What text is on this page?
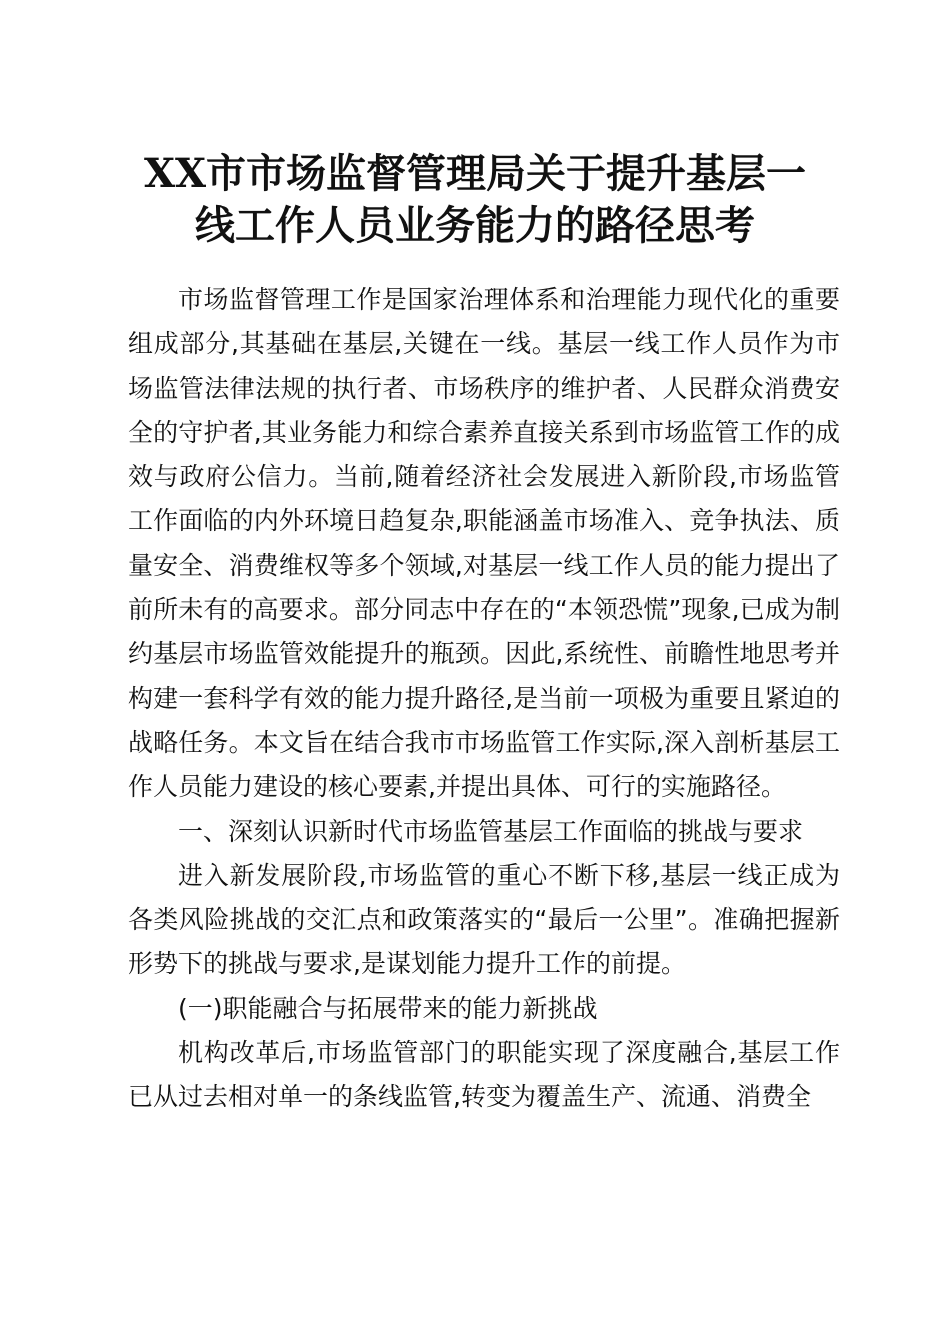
XX市市场监督管理局关于提升基层一
线工作人员业务能力的路径思考

市场监督管理工作是国家治理体系和治理能力现代化的重要组成部分,其基础在基层,关键在一线。基层一线工作人员作为市场监管法律法规的执行者、市场秩序的维护者、人民群众消费安全的守护者,其业务能力和综合素养直接关系到市场监管工作的成效与政府公信力。当前,随着经济社会发展进入新阶段,市场监管工作面临的内外环境日趋复杂,职能涵盖市场准入、竞争执法、质量安全、消费维权等多个领域,对基层一线工作人员的能力提出了前所未有的高要求。部分同志中存在的“本领恐慌”现象,已成为制约基层市场监管效能提升的瓶颈。因此,系统性、前瞻性地思考并构建一套科学有效的能力提升路径,是当前一项极为重要且紧迫的战略任务。本文旨在结合我市市场监管工作实际,深入剖析基层工作人员能力建设的核心要素,并提出具体、可行的实施路径。

一、深刻认识新时代市场监管基层工作面临的挑战与要求

进入新发展阶段,市场监管的重心不断下移,基层一线正成为各类风险挑战的交汇点和政策落实的“最后一公里”。准确把握新形势下的挑战与要求,是谋划能力提升工作的前提。

(一)职能融合与拓展带来的能力新挑战

机构改革后,市场监管部门的职能实现了深度融合,基层工作已从过去相对单一的条线监管,转变为覆盖生产、流通、消费全
